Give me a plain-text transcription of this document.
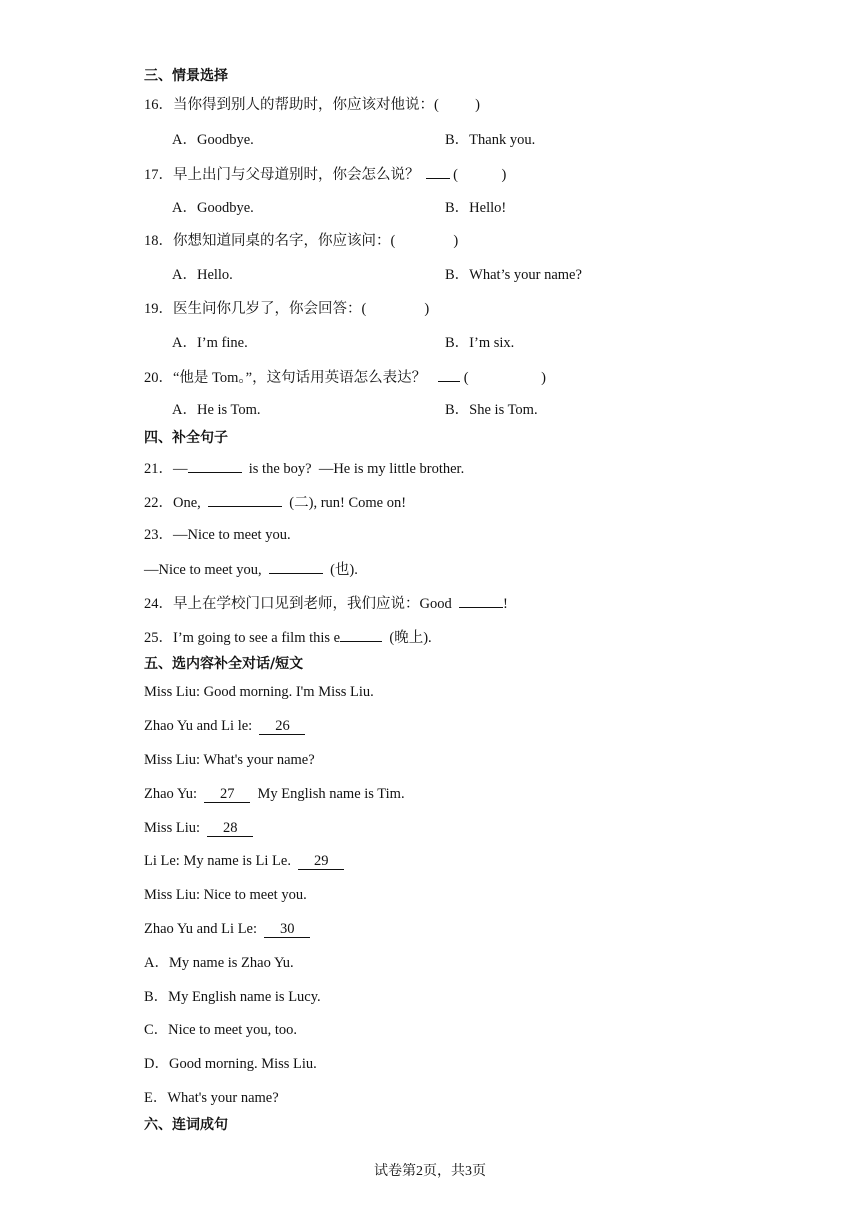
三、情景选择
16．当你得到别人的帮助时，你应该对他说：(          )
A．Goodbye.	B．Thank you.
17．早上出门与父母道别时，你会怎么说？ (            )
A．Goodbye.	B．Hello!
18．你想知道同桌的名字，你应该问：(                )
A．Hello.	B．What’s your name?
19．医生问你几岁了，你会回答：(                )
A．I’m fine.	B．I’m six.
20．“他是 Tom。”，这句话用英语怎么表达？ (                    )
A．He is Tom.	B．She is Tom.
四、补全句子
21．—	is the boy?  —He is my little brother.
22．One,	(二), run! Come on!
23．—Nice to meet you.
—Nice to meet you,	(也).
24．早上在学校门口见到老师，我们应说：Good	!
25．I’m going to see a film this e	(晚上).
五、选内容补全对话/短文
Miss Liu: Good morning. I'm Miss Liu.
Zhao Yu and Li le:  26
Miss Liu: What's your name?
Zhao Yu:  27  My English name is Tim.
Miss Liu:  28
Li Le: My name is Li Le.  29
Miss Liu: Nice to meet you.
Zhao Yu and Li Le:  30
A．My name is Zhao Yu.
B．My English name is Lucy.
C．Nice to meet you, too.
D．Good morning. Miss Liu.
E．What's your name?
六、连词成句
试卷第2页，共3页
